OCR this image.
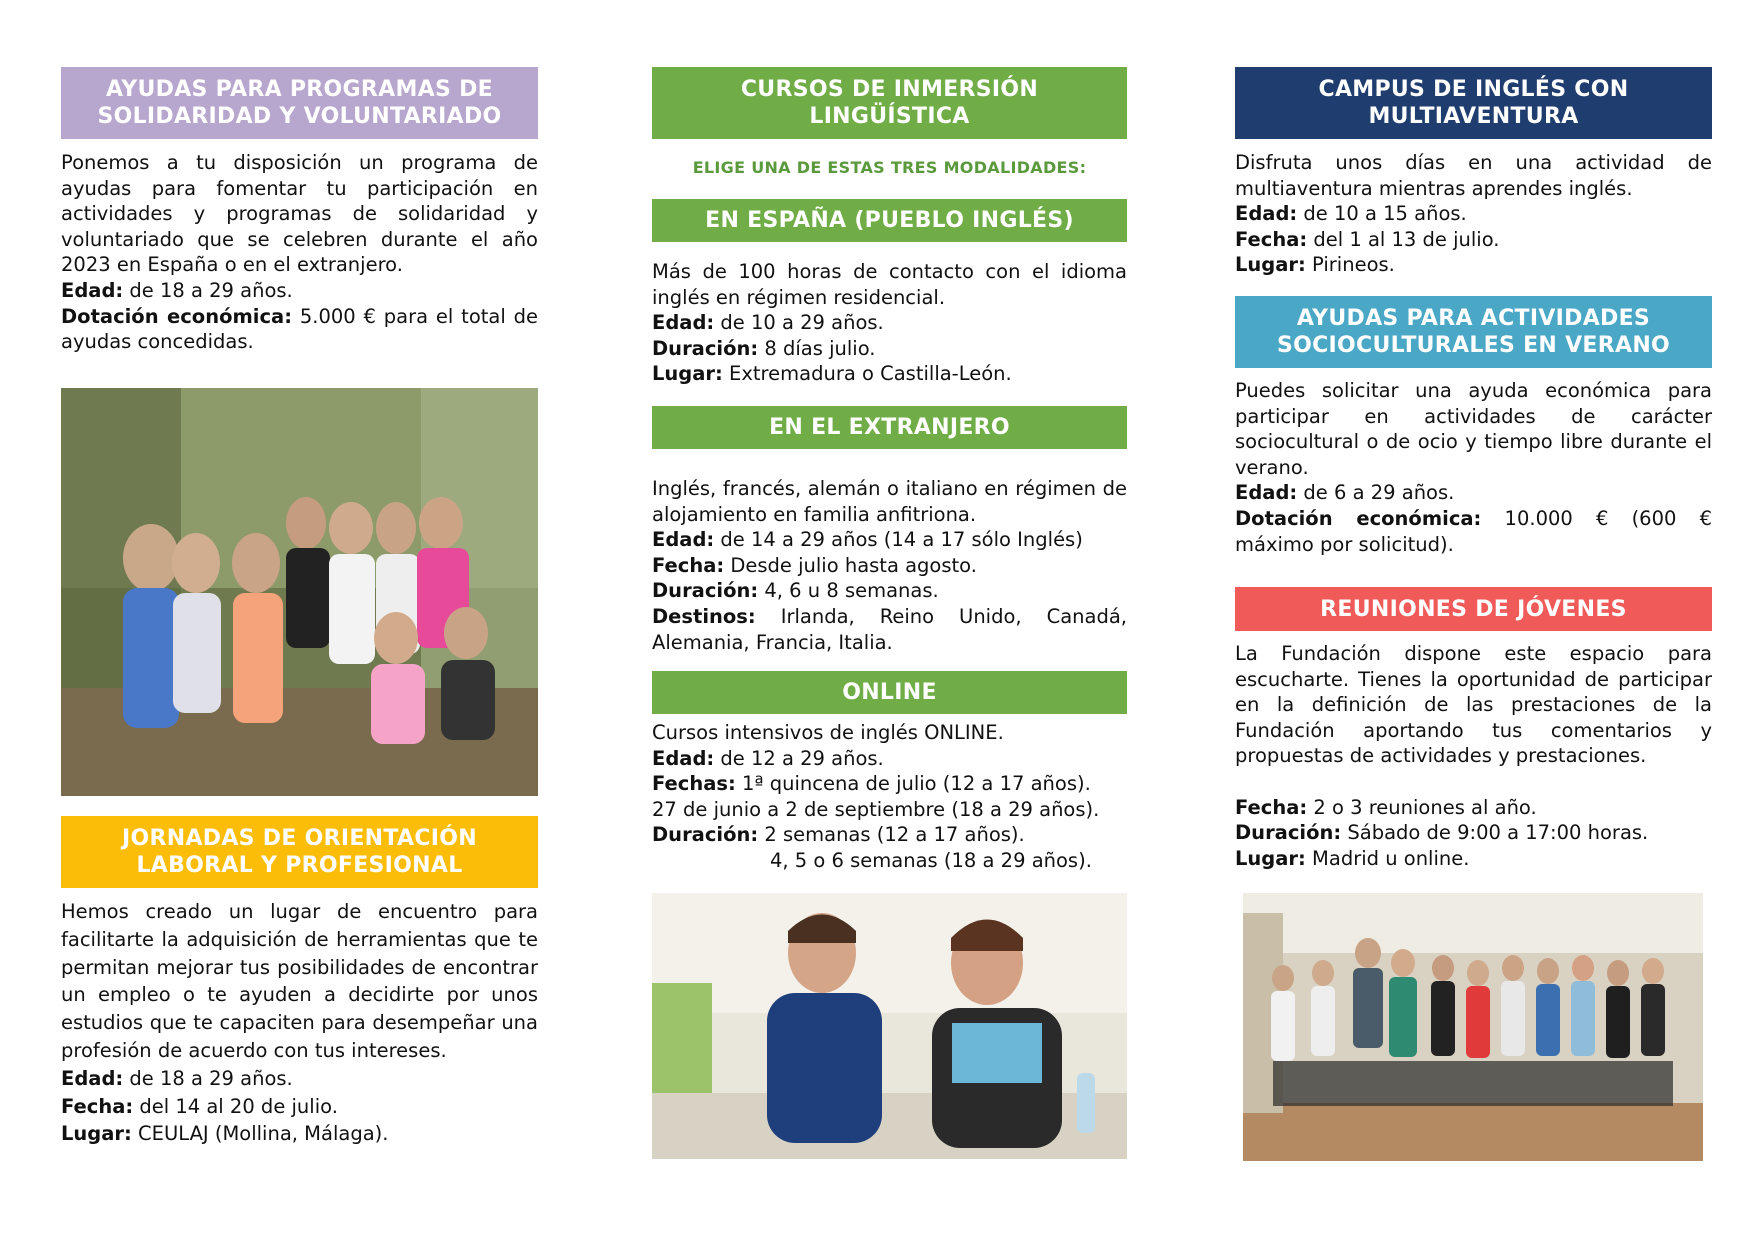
AYUDAS PARA PROGRAMAS DE
SOLIDARIDAD Y VOLUNTARIADO

Ponemos a tu disposición un programa de ayudas para fomentar tu participación en actividades y programas de solidaridad y voluntariado que se celebren durante el año 2023 en España o en el extranjero.

Edad: de 18 a 29 años.

Dotación económica: 5.000 € para el total de ayudas concedidas.

JORNADAS DE ORIENTACIÓN
LABORAL Y PROFESIONAL

Hemos creado un lugar de encuentro para facilitarte la adquisición de herramientas que te permitan mejorar tus posibilidades de encontrar un empleo o te ayuden a decidirte por unos estudios que te capaciten para desempeñar una profesión de acuerdo con tus intereses.

Edad: de 18 a 29 años.

Fecha: del 14 al 20 de julio.

Lugar: CEULAJ (Mollina, Málaga).

CURSOS DE INMERSIÓN
LINGÜÍSTICA
ELIGE UNA DE ESTAS TRES MODALIDADES:
EN ESPAÑA (PUEBLO INGLÉS)

Más de 100 horas de contacto con el idioma inglés en régimen residencial.

Edad: de 10 a 29 años.

Duración: 8 días julio.

Lugar: Extremadura o Castilla-León.

EN EL EXTRANJERO

Inglés, francés, alemán o italiano en régimen de alojamiento en familia anfitriona.

Edad: de 14 a 29 años (14 a 17 sólo Inglés)

Fecha: Desde julio hasta agosto.

Duración: 4, 6 u 8 semanas.

Destinos: Irlanda, Reino Unido, Canadá, Alemania, Francia, Italia.

ONLINE

Cursos intensivos de inglés ONLINE.

Edad: de 12 a 29 años.

Fechas: 1ª quincena de julio (12 a 17 años).

27 de junio a 2 de septiembre (18 a 29 años).

Duración: 2 semanas (12 a 17 años).

4, 5 o 6 semanas (18 a 29 años).

CAMPUS DE INGLÉS CON
MULTIAVENTURA

Disfruta unos días en una actividad de multiaventura mientras aprendes inglés.

Edad: de 10 a 15 años.

Fecha: del 1 al 13 de julio.

Lugar: Pirineos.

AYUDAS PARA ACTIVIDADES
SOCIOCULTURALES EN VERANO

Puedes solicitar una ayuda económica para participar en actividades de carácter sociocultural o de ocio y tiempo libre durante el verano.

Edad: de 6 a 29 años.

Dotación económica: 10.000 € (600 € máximo por solicitud).

REUNIONES DE JÓVENES

La Fundación dispone este espacio para escucharte. Tienes la oportunidad de participar en la definición de las prestaciones de la Fundación aportando tus comentarios y propuestas de actividades y prestaciones.

Fecha: 2 o 3 reuniones al año.

Duración: Sábado de 9:00 a 17:00 horas.

Lugar: Madrid u online.
